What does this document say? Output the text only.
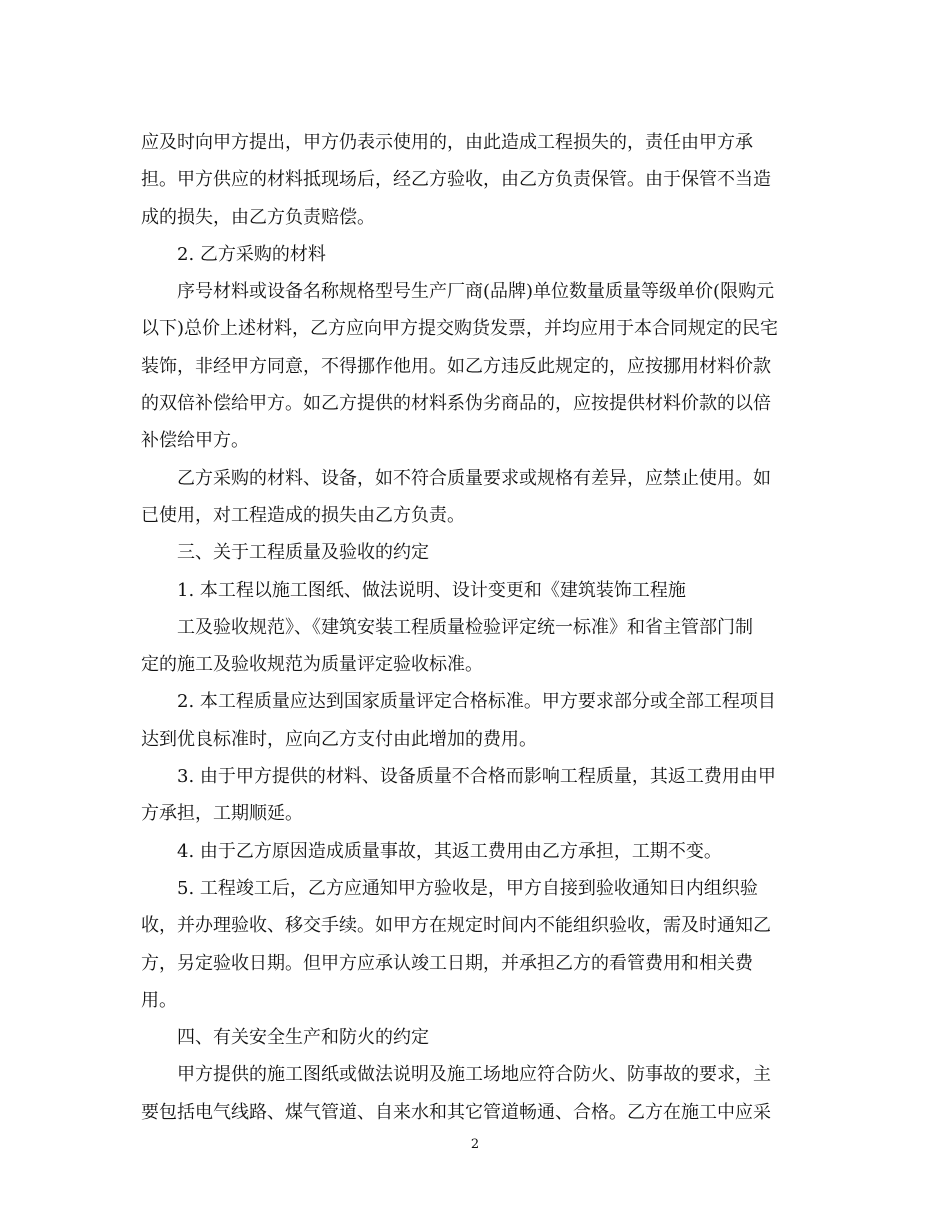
应及时向甲方提出，甲方仍表示使用的，由此造成工程损失的，责任由甲方承
担。甲方供应的材料抵现场后，经乙方验收，由乙方负责保管。由于保管不当造
成的损失，由乙方负责赔偿。
2. 乙方采购的材料
序号材料或设备名称规格型号生产厂商(品牌)单位数量质量等级单价(限购元
以下)总价上述材料，乙方应向甲方提交购货发票，并均应用于本合同规定的民宅
装饰，非经甲方同意，不得挪作他用。如乙方违反此规定的，应按挪用材料价款
的双倍补偿给甲方。如乙方提供的材料系伪劣商品的，应按提供材料价款的以倍
补偿给甲方。
乙方采购的材料、设备，如不符合质量要求或规格有差异，应禁止使用。如
已使用，对工程造成的损失由乙方负责。
三、关于工程质量及验收的约定
1. 本工程以施工图纸、做法说明、设计变更和《建筑装饰工程施
工及验收规范》、《建筑安装工程质量检验评定统一标准》和省主管部门制
定的施工及验收规范为质量评定验收标准。
2. 本工程质量应达到国家质量评定合格标准。甲方要求部分或全部工程项目
达到优良标准时，应向乙方支付由此增加的费用。
3. 由于甲方提供的材料、设备质量不合格而影响工程质量，其返工费用由甲
方承担，工期顺延。
4. 由于乙方原因造成质量事故，其返工费用由乙方承担，工期不变。
5. 工程竣工后，乙方应通知甲方验收是，甲方自接到验收通知日内组织验
收，并办理验收、移交手续。如甲方在规定时间内不能组织验收，需及时通知乙
方，另定验收日期。但甲方应承认竣工日期，并承担乙方的看管费用和相关费
用。
四、有关安全生产和防火的约定
甲方提供的施工图纸或做法说明及施工场地应符合防火、防事故的要求，主
要包括电气线路、煤气管道、自来水和其它管道畅通、合格。乙方在施工中应采
2
